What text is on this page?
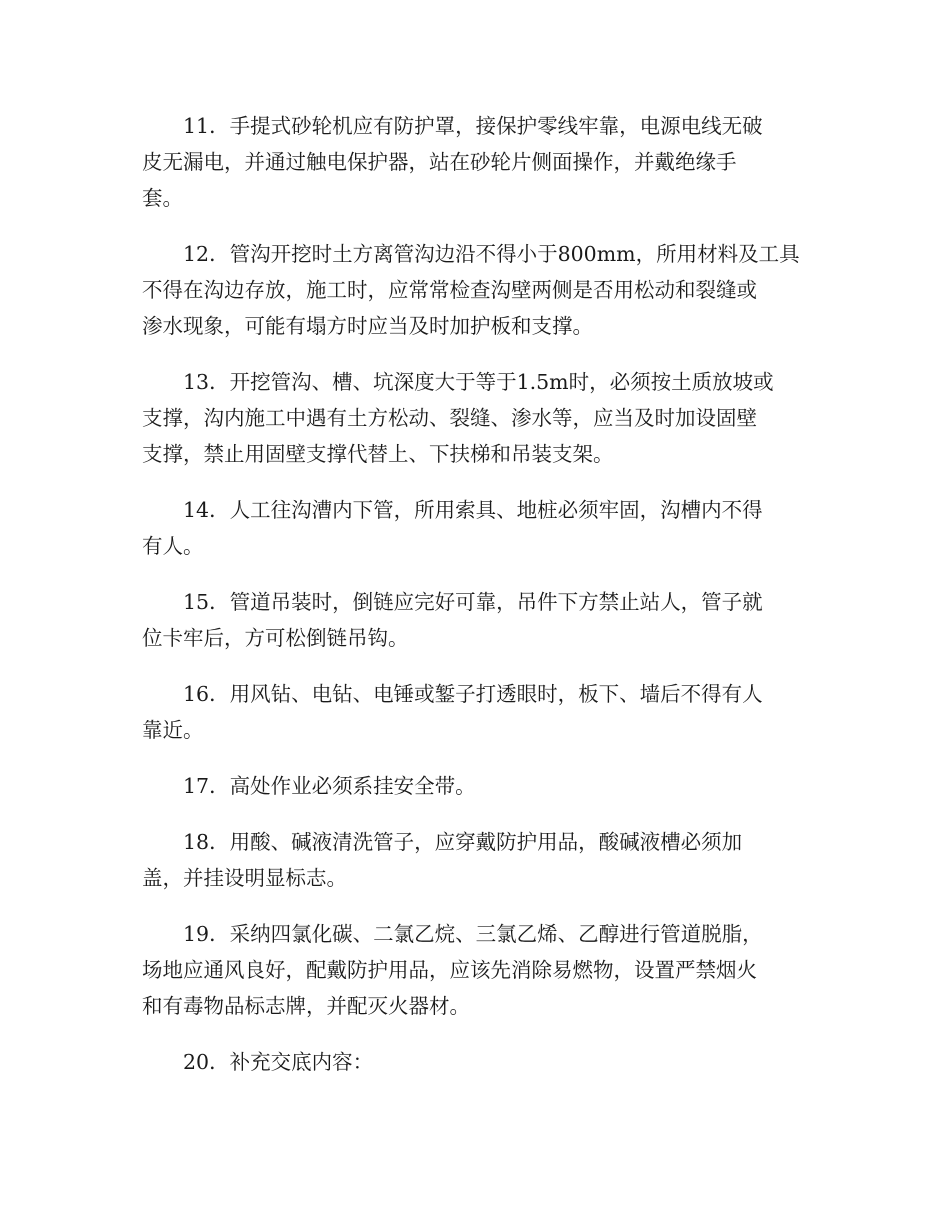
11．手提式砂轮机应有防护罩，接保护零线牢靠，电源电线无破
皮无漏电，并通过触电保护器，站在砂轮片侧面操作，并戴绝缘手
套。

12．管沟开挖时土方离管沟边沿不得小于800mm，所用材料及工具
不得在沟边存放，施工时，应常常检查沟壁两侧是否用松动和裂缝或
渗水现象，可能有塌方时应当及时加护板和支撑。

13．开挖管沟、槽、坑深度大于等于1.5m时，必须按土质放坡或
支撑，沟内施工中遇有土方松动、裂缝、渗水等，应当及时加设固壁
支撑，禁止用固壁支撑代替上、下扶梯和吊装支架。

14．人工往沟漕内下管，所用索具、地桩必须牢固，沟槽内不得
有人。

15．管道吊装时，倒链应完好可靠，吊件下方禁止站人，管子就
位卡牢后，方可松倒链吊钩。

16．用风钻、电钻、电锤或錾子打透眼时，板下、墙后不得有人
靠近。

17．高处作业必须系挂安全带。

18．用酸、碱液清洗管子，应穿戴防护用品，酸碱液槽必须加
盖，并挂设明显标志。

19．采纳四氯化碳、二氯乙烷、三氯乙烯、乙醇进行管道脱脂，
场地应通风良好，配戴防护用品，应该先消除易燃物，设置严禁烟火
和有毒物品标志牌，并配灭火器材。

20．补充交底内容：
